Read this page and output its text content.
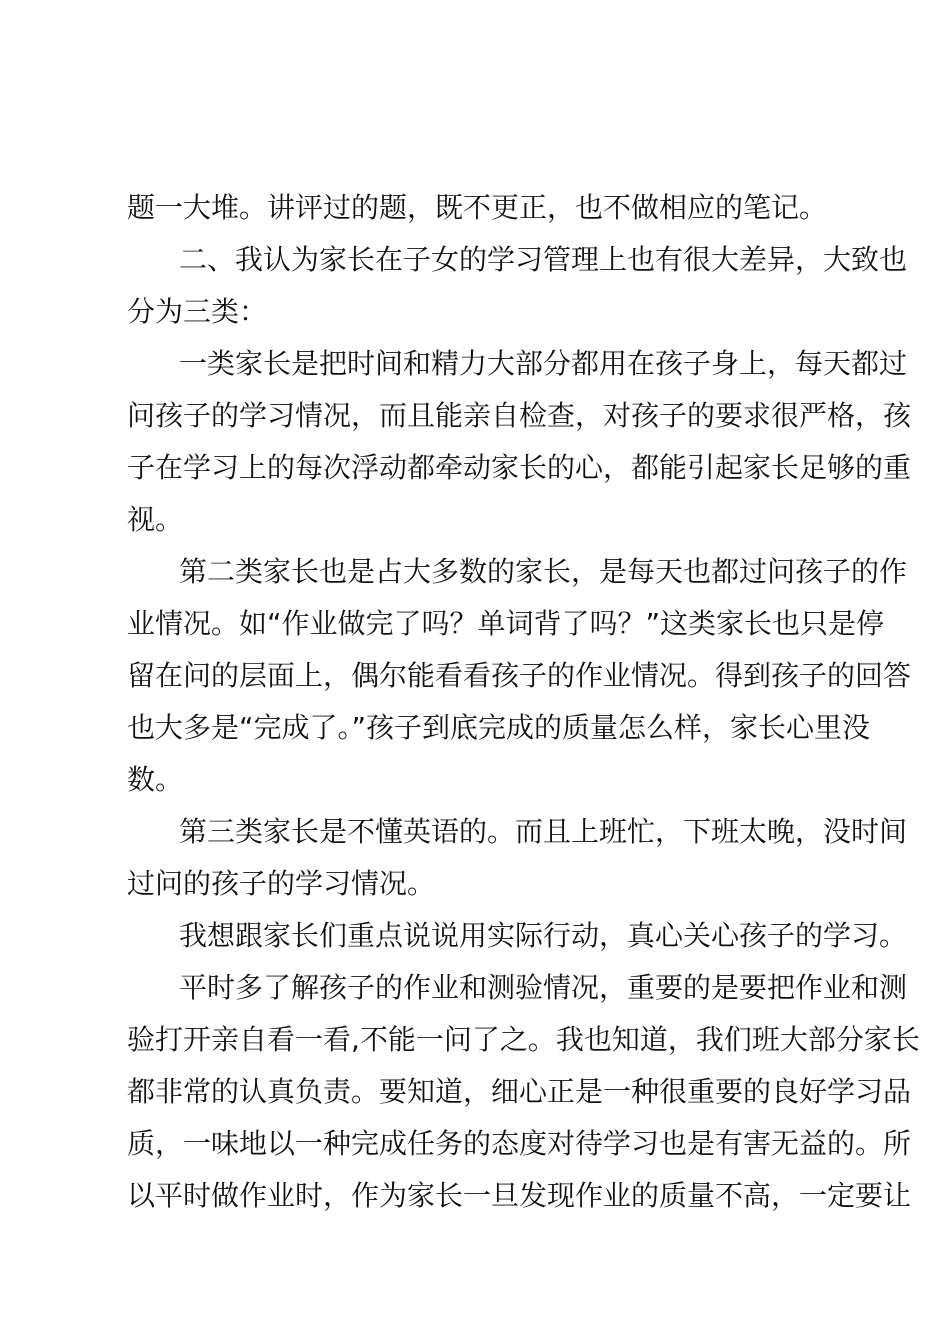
题一大堆。讲评过的题，既不更正，也不做相应的笔记。
二、我认为家长在子女的学习管理上也有很大差异，大致也
分为三类：
一类家长是把时间和精力大部分都用在孩子身上，每天都过
问孩子的学习情况，而且能亲自检查，对孩子的要求很严格，孩
子在学习上的每次浮动都牵动家长的心，都能引起家长足够的重
视。
第二类家长也是占大多数的家长，是每天也都过问孩子的作
业情况。如“作业做完了吗？单词背了吗？”这类家长也只是停
留在问的层面上，偶尔能看看孩子的作业情况。得到孩子的回答
也大多是“完成了。”孩子到底完成的质量怎么样，家长心里没
数。
第三类家长是不懂英语的。而且上班忙，下班太晚，没时间
过问的孩子的学习情况。
我想跟家长们重点说说用实际行动，真心关心孩子的学习。
平时多了解孩子的作业和测验情况，重要的是要把作业和测
验打开亲自看一看,不能一问了之。我也知道，我们班大部分家长
都非常的认真负责。要知道，细心正是一种很重要的良好学习品
质，一味地以一种完成任务的态度对待学习也是有害无益的。所
以平时做作业时，作为家长一旦发现作业的质量不高，一定要让
